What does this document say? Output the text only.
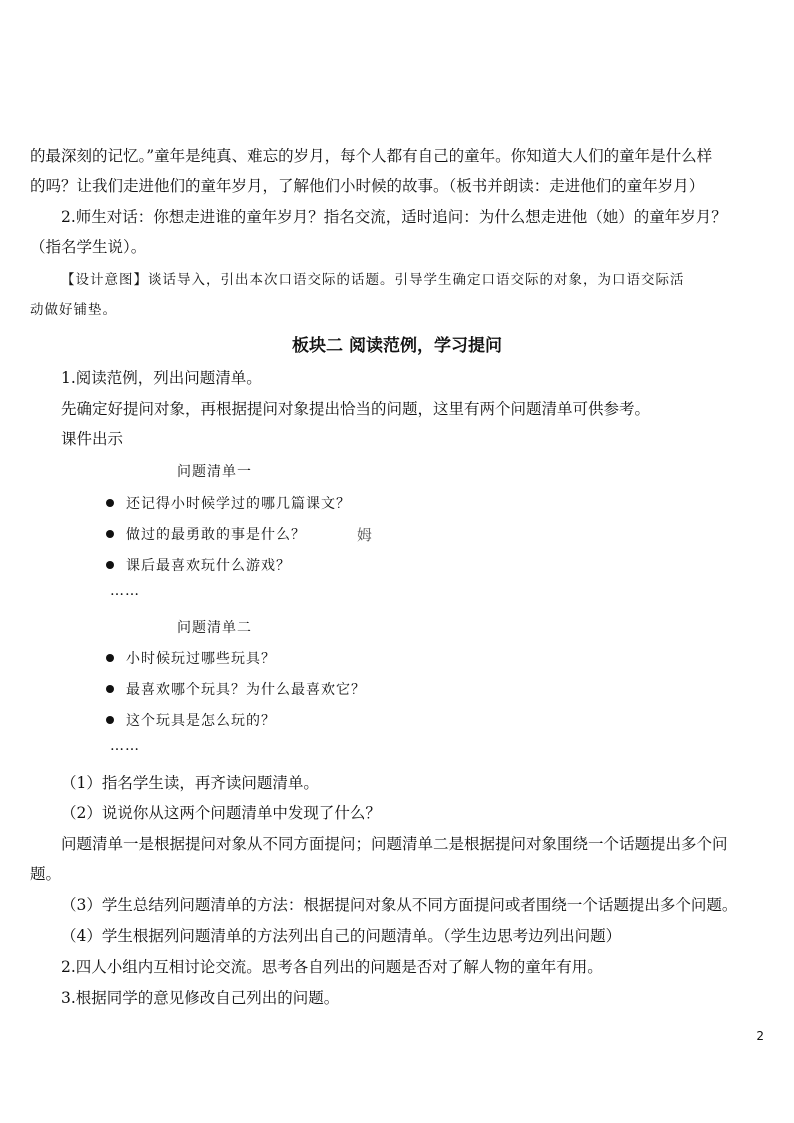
的最深刻的记忆。”童年是纯真、难忘的岁月，每个人都有自己的童年。你知道大人们的童年是什么样
的吗？让我们走进他们的童年岁月，了解他们小时候的故事。（板书并朗读：走进他们的童年岁月）
2.师生对话：你想走进谁的童年岁月？指名交流，适时追问：为什么想走进他（她）的童年岁月？
（指名学生说）。
【设计意图】谈话导入，引出本次口语交际的话题。引导学生确定口语交际的对象，为口语交际活
动做好铺垫。
板块二 阅读范例，学习提问
1.阅读范例，列出问题清单。
先确定好提问对象，再根据提问对象提出恰当的问题，这里有两个问题清单可供参考。
课件出示
问题清单一
还记得小时候学过的哪几篇课文？
做过的最勇敢的事是什么？
课后最喜欢玩什么游戏？
……
姆
问题清单二
小时候玩过哪些玩具？
最喜欢哪个玩具？为什么最喜欢它？
这个玩具是怎么玩的？
……
（1）指名学生读，再齐读问题清单。
（2）说说你从这两个问题清单中发现了什么？
问题清单一是根据提问对象从不同方面提问；问题清单二是根据提问对象围绕一个话题提出多个问
题。
（3）学生总结列问题清单的方法：根据提问对象从不同方面提问或者围绕一个话题提出多个问题。
（4）学生根据列问题清单的方法列出自己的问题清单。（学生边思考边列出问题）
2.四人小组内互相讨论交流。思考各自列出的问题是否对了解人物的童年有用。
3.根据同学的意见修改自己列出的问题。
2
